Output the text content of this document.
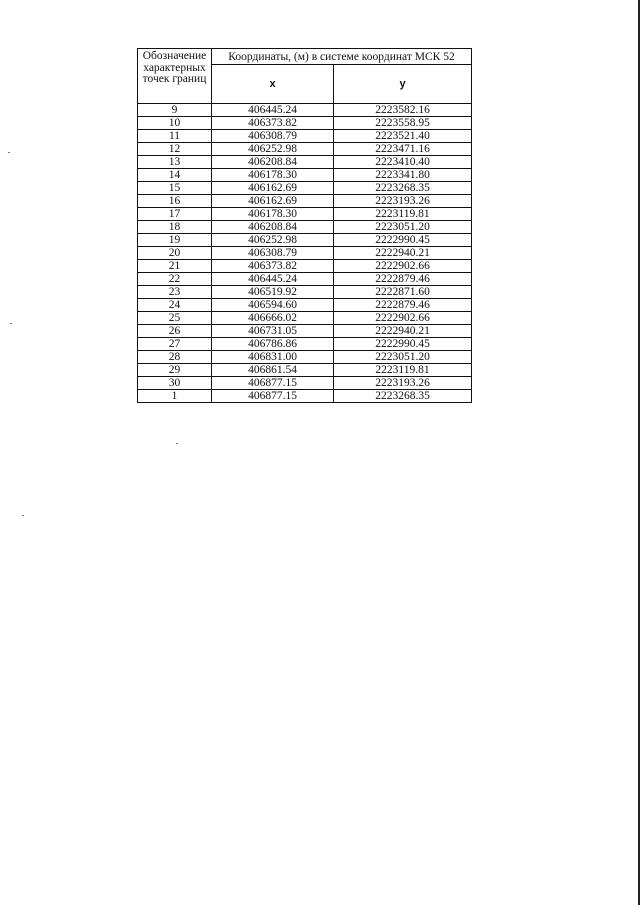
Обозначение характерных точек границ	Координаты, (м) в системе координат МСК 52	
	x	y
9	406445.24	2223582.16
10	406373.82	2223558.95
11	406308.79	2223521.40
12	406252.98	2223471.16
13	406208.84	2223410.40
14	406178.30	2223341.80
15	406162.69	2223268.35
16	406162.69	2223193.26
17	406178.30	2223119.81
18	406208.84	2223051.20
19	406252.98	2222990.45
20	406308.79	2222940.21
21	406373.82	2222902.66
22	406445.24	2222879.46
23	406519.92	2222871.60
24	406594.60	2222879.46
25	406666.02	2222902.66
26	406731.05	2222940.21
27	406786.86	2222990.45
28	406831.00	2223051.20
29	406861.54	2223119.81
30	406877.15	2223193.26
1	406877.15	2223268.35
